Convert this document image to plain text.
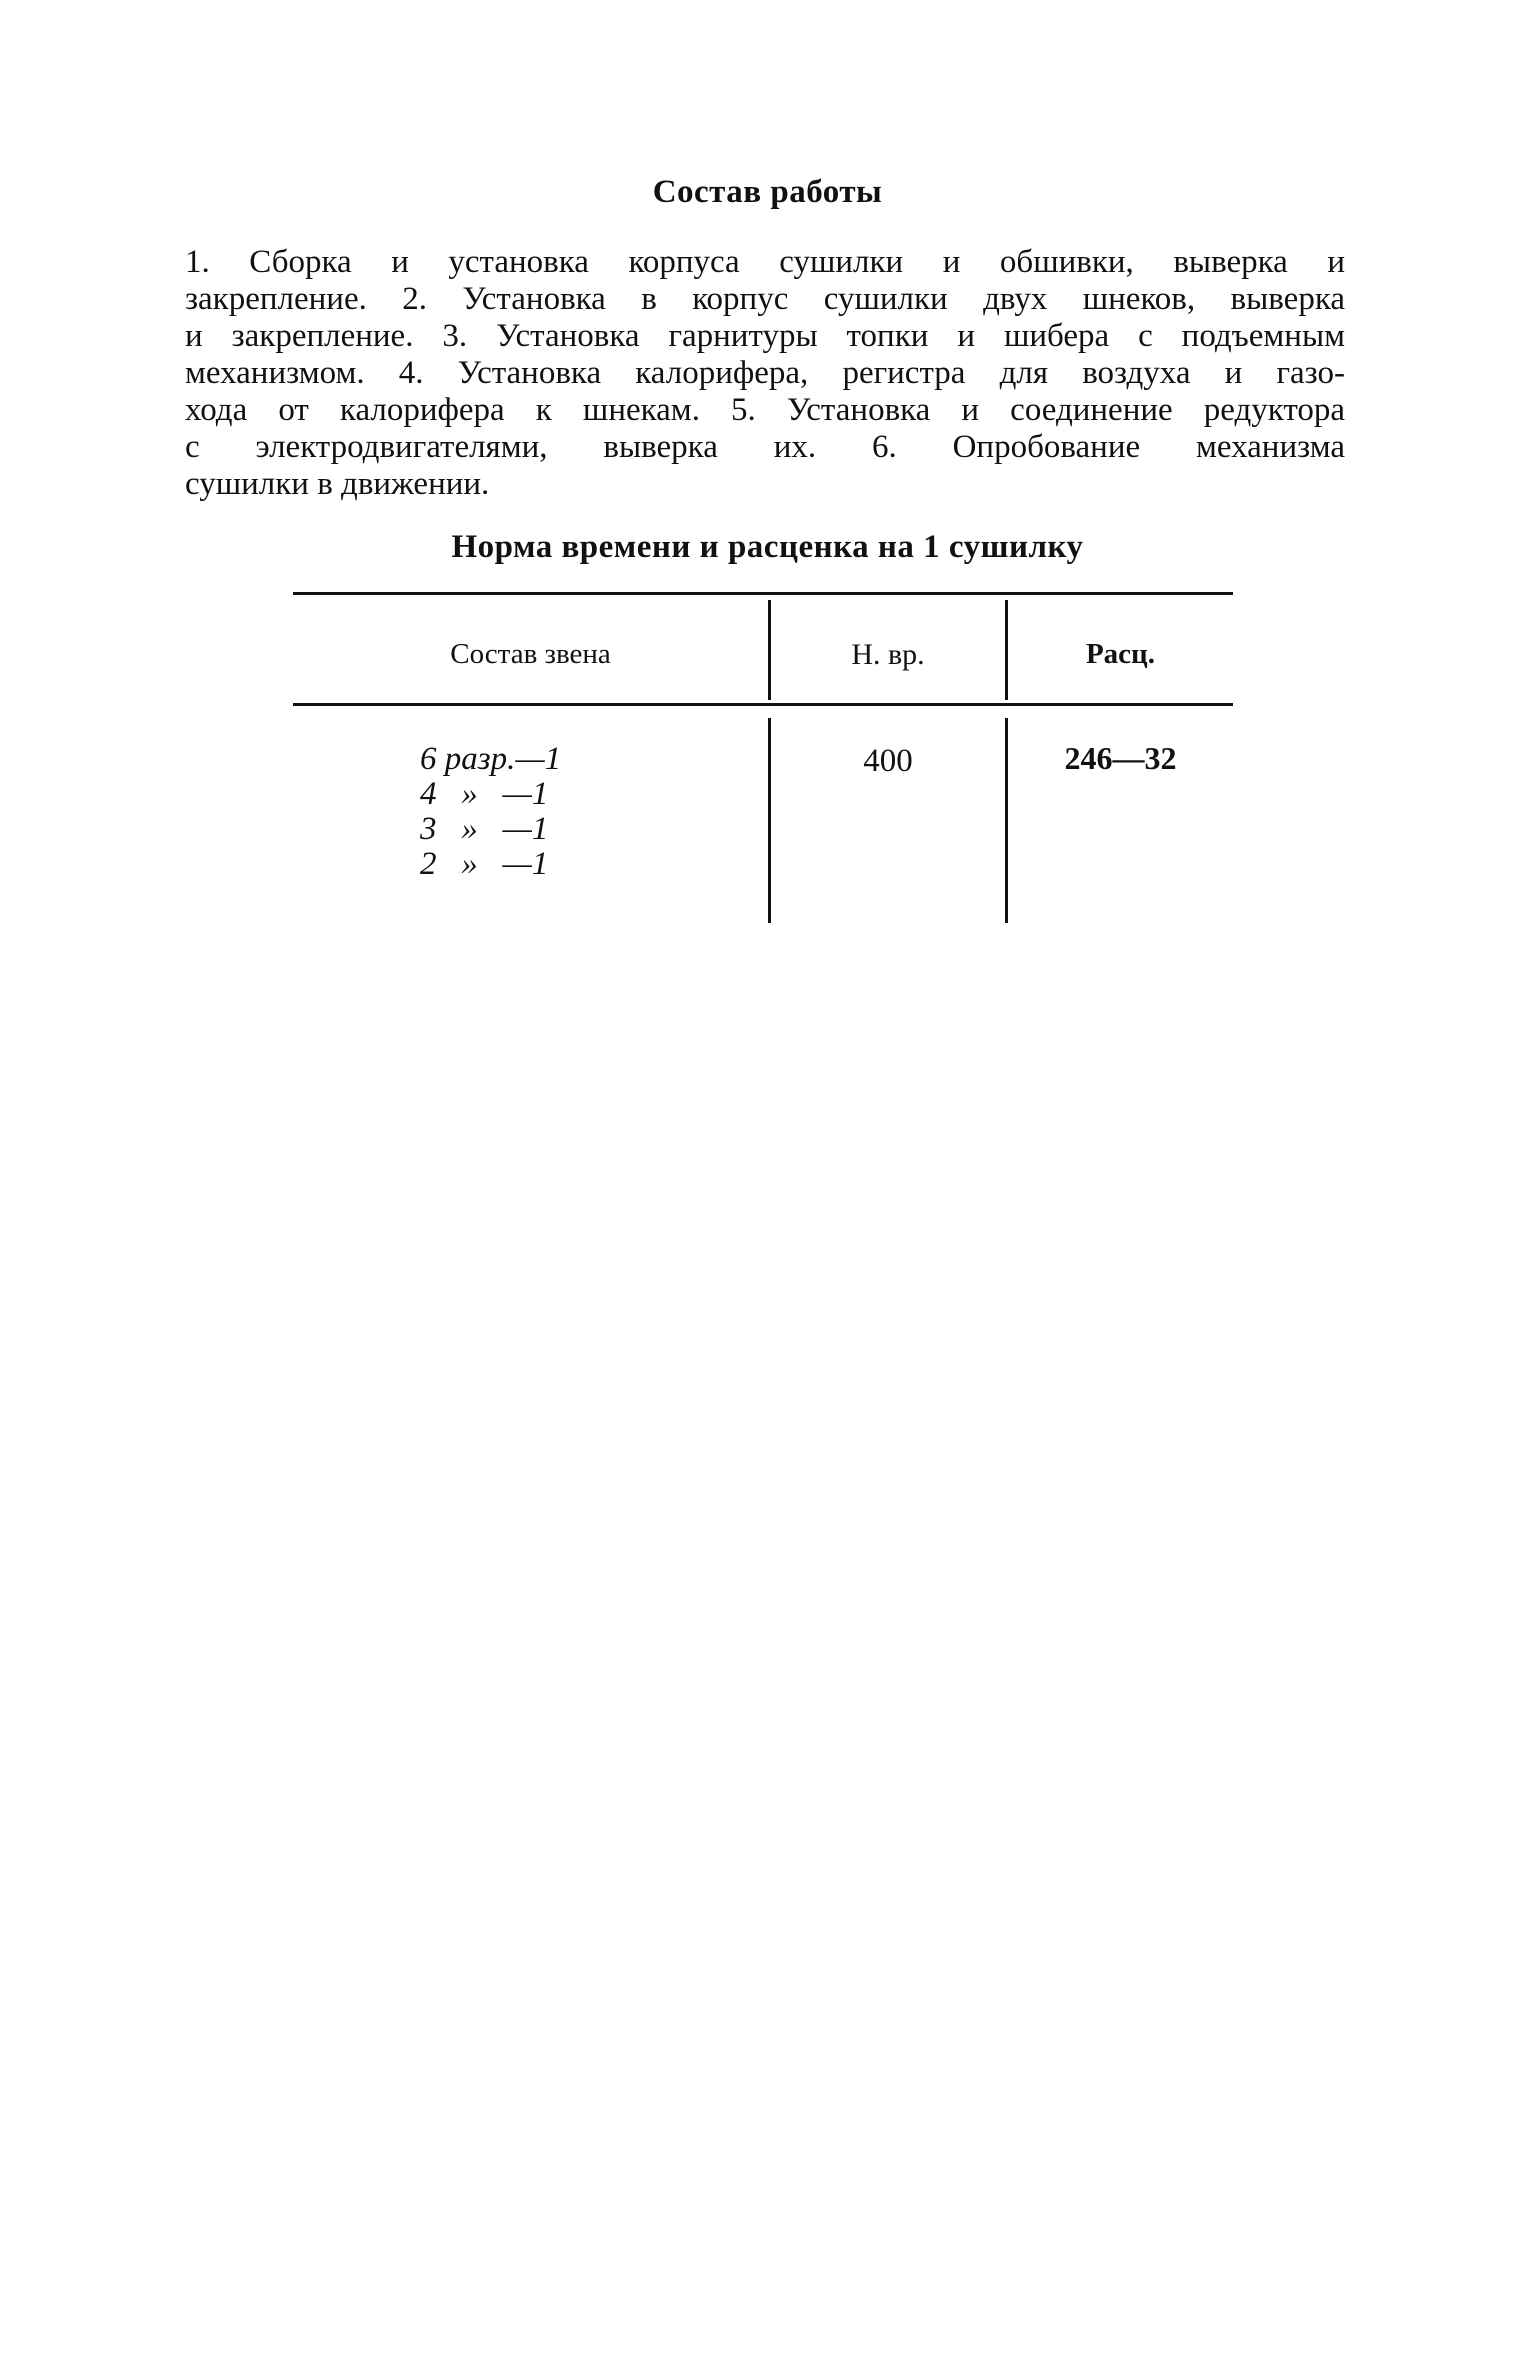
Состав работы
1. Сборка и установка корпуса сушилки и обшивки, выверка и
закрепление. 2. Установка в корпус сушилки двух шнеков, выверка
и закрепление. 3. Установка гарнитуры топки и шибера с подъемным
механизмом. 4. Установка калорифера, регистра для воздуха и газо-
хода от калорифера к шнекам. 5. Установка и соединение редуктора
с электродвигателями, выверка их. 6. Опробование механизма
сушилки в движении.
Норма времени и расценка на 1 сушилку

Состав звена	Н. вр.	Расц.

6 разр.—1
4   »   —1
3   »   —1
2   »   —1

400	246—32
